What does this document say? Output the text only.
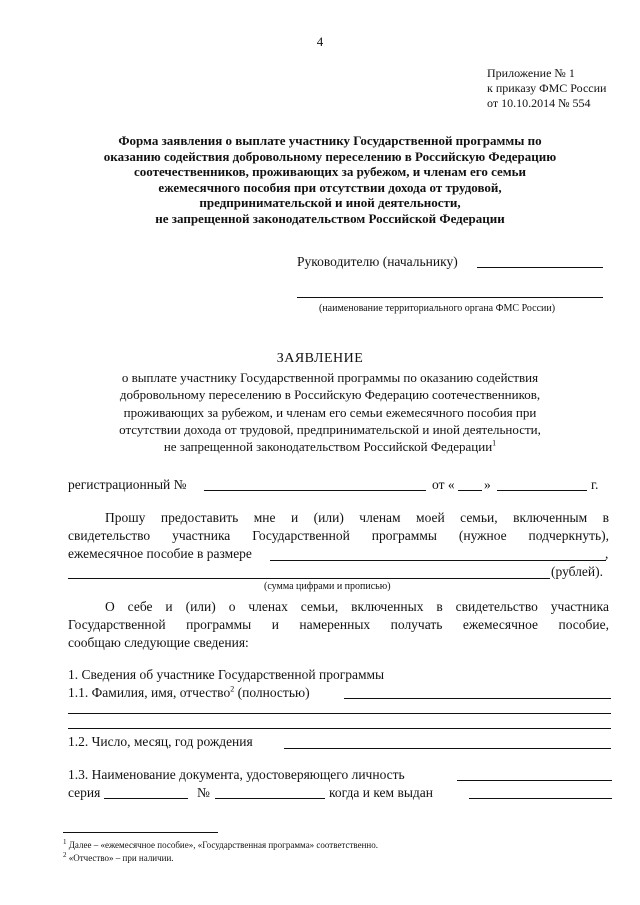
4
Приложение № 1
к приказу ФМС России
от 10.10.2014 № 554
Форма заявления о выплате участнику Государственной программы по
оказанию содействия добровольному переселению в Российскую Федерацию
соотечественников, проживающих за рубежом, и членам его семьи
ежемесячного пособия при отсутствии дохода от трудовой,
предпринимательской и иной деятельности,
не запрещенной законодательством Российской Федерации
Руководителю (начальнику)
(наименование территориального органа ФМС России)
ЗАЯВЛЕНИЕ
о выплате участнику Государственной программы по оказанию содействия
добровольному переселению в Российскую Федерацию соотечественников,
проживающих за рубежом, и членам его семьи ежемесячного пособия при
отсутствии дохода от трудовой, предпринимательской и иной деятельности,
не запрещенной законодательством Российской Федерации$^1$
регистрационный №	от « »	г.
Прошу предоставить мне и (или) членам моей семьи, включенным в
свидетельство участника Государственной программы (нужное подчеркнуть),
ежемесячное пособие в размере	,
(рублей).
(сумма цифрами и прописью)
О себе и (или) о членах семьи, включенных в свидетельство участника
Государственной программы и намеренных получать ежемесячное пособие,
сообщаю следующие сведения:
1. Сведения об участнике Государственной программы
1.1. Фамилия, имя, отчество$^2$ (полностью)
1.2. Число, месяц, год рождения
1.3. Наименование документа, удостоверяющего личность
серия	№	когда и кем выдан
$^1$ Далее – «ежемесячное пособие», «Государственная программа» соответственно.
$^2$ «Отчество» – при наличии.
